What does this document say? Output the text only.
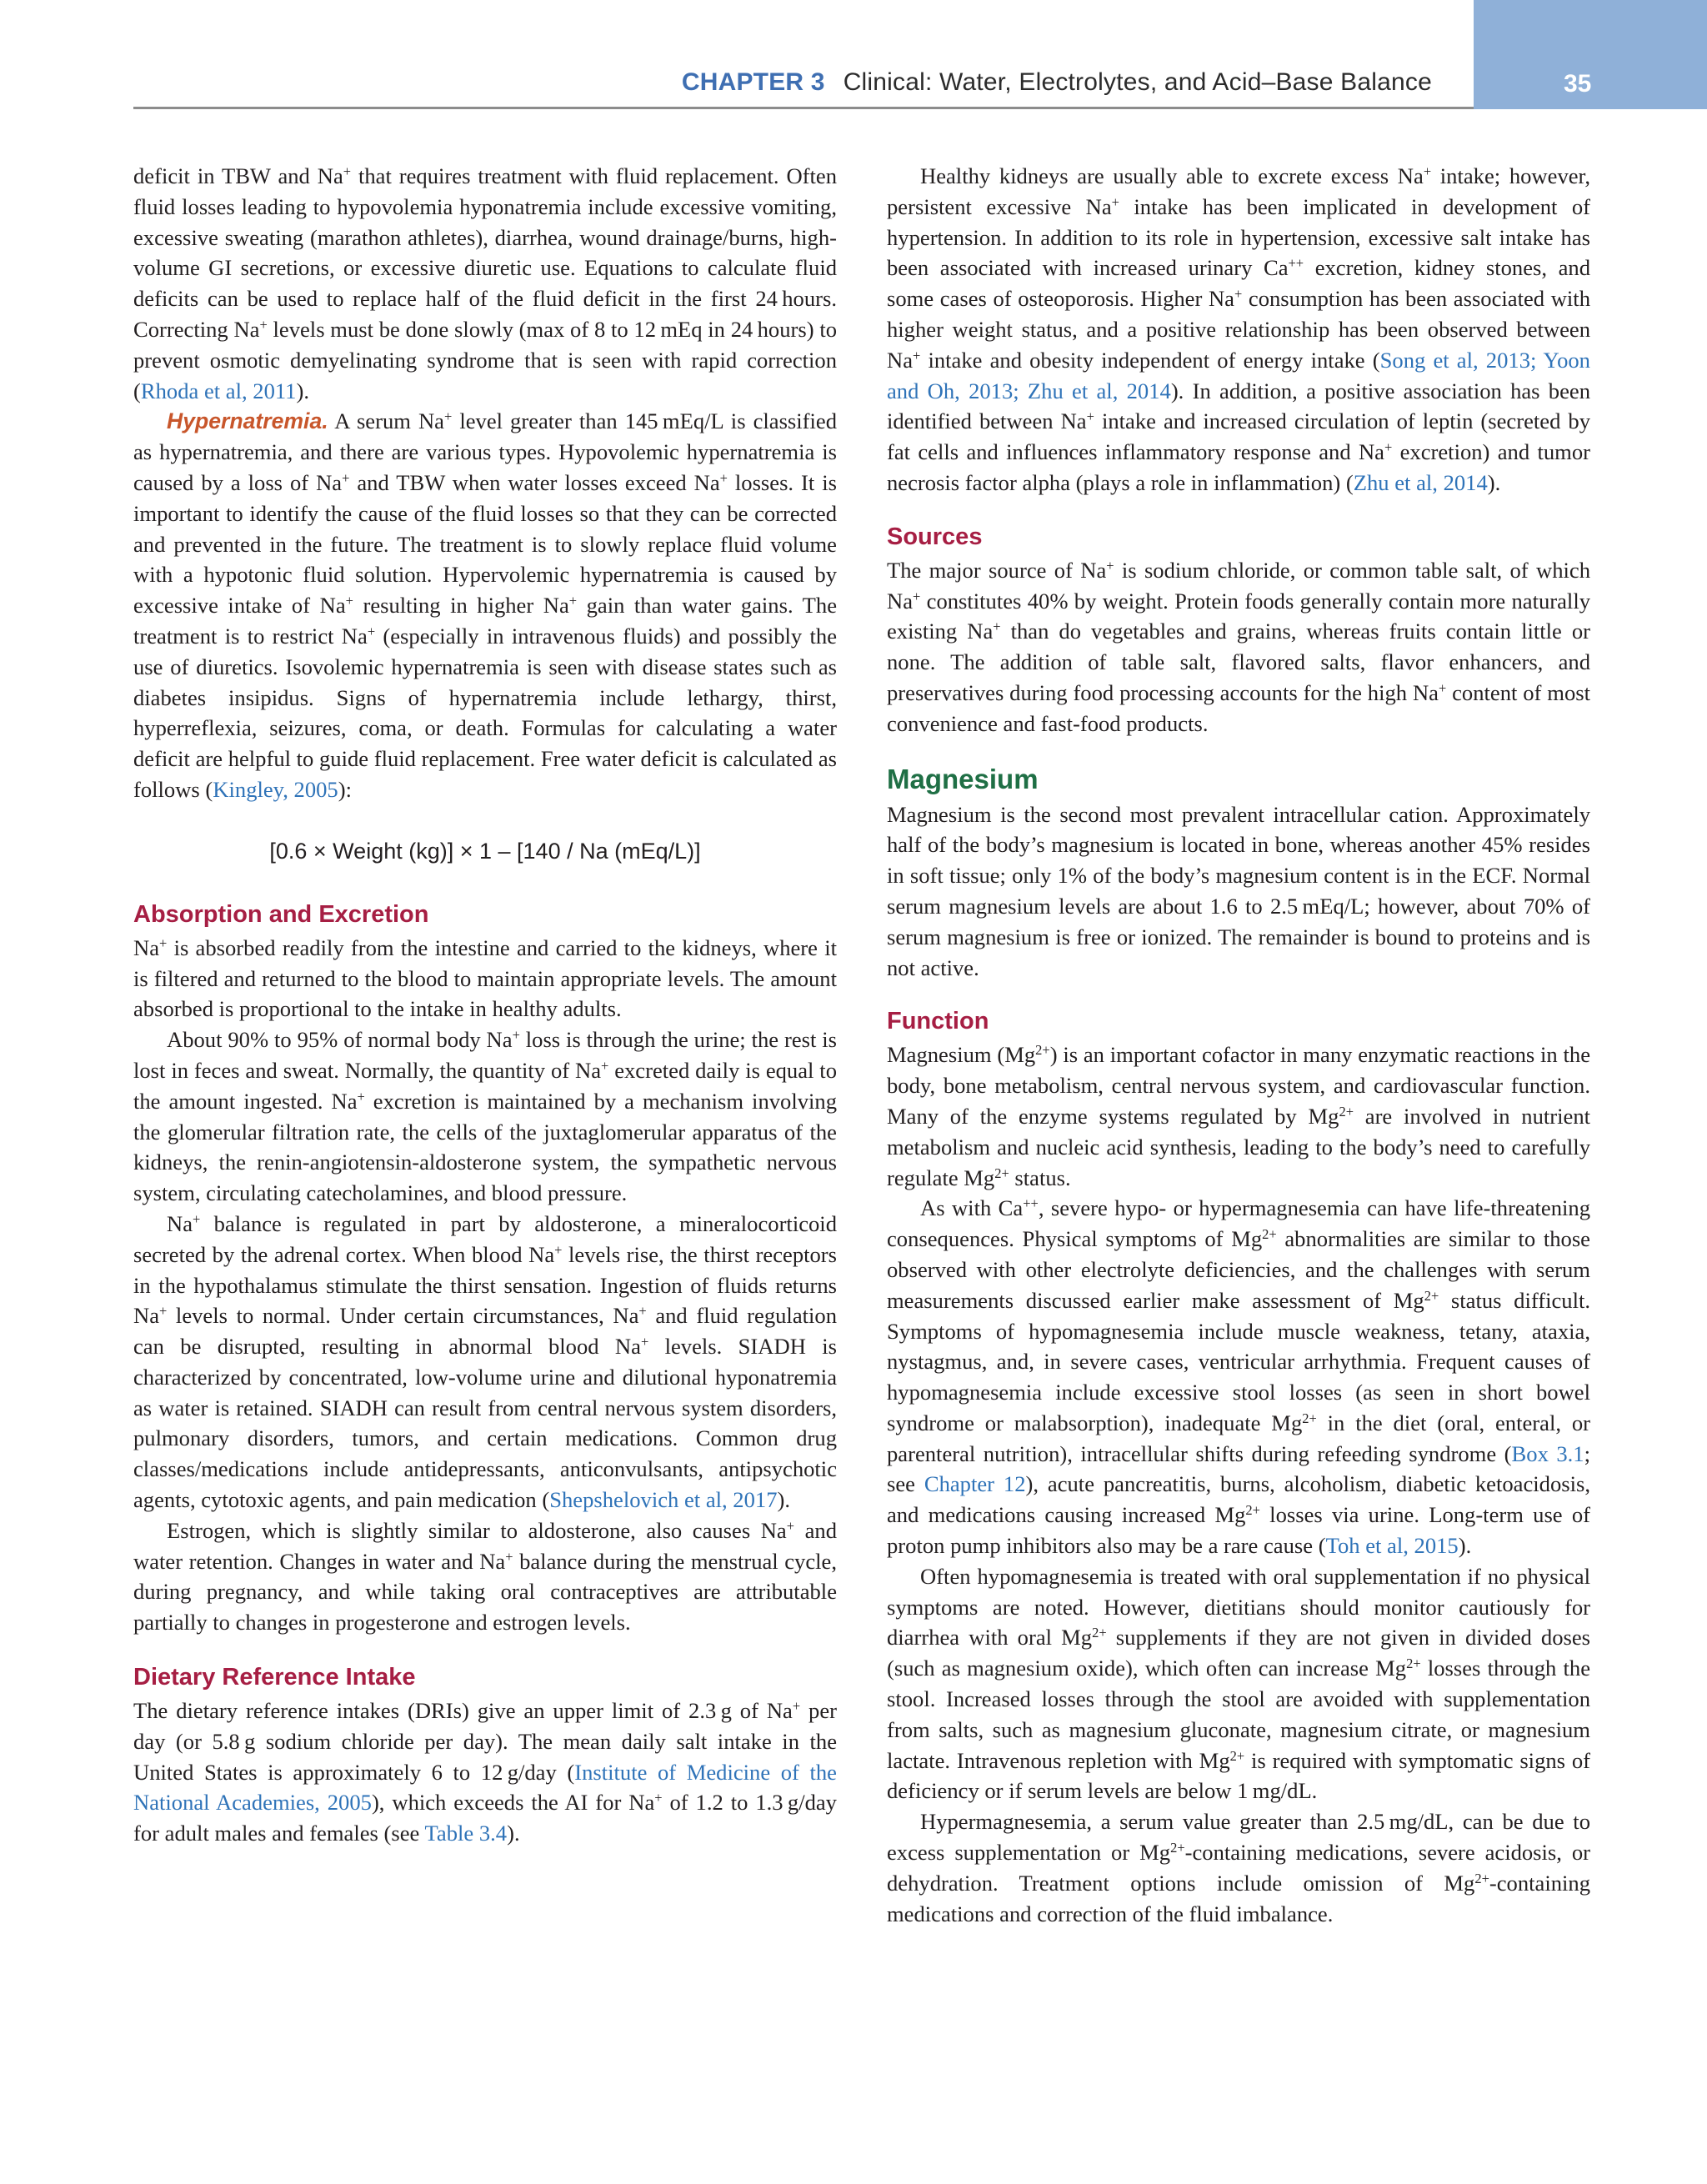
CHAPTER 3 Clinical: Water, Electrolytes, and Acid–Base Balance	35

deficit in TBW and Na+ that requires treatment with fluid replacement. Often fluid losses leading to hypovolemia hyponatremia include excessive vomiting, excessive sweating (marathon athletes), diarrhea, wound drainage/burns, high-volume GI secretions, or excessive diuretic use. Equations to calculate fluid deficits can be used to replace half of the fluid deficit in the first 24 hours. Correcting Na+ levels must be done slowly (max of 8 to 12 mEq in 24 hours) to prevent osmotic demyelinating syndrome that is seen with rapid correction (Rhoda et al, 2011).

Hypernatremia. A serum Na+ level greater than 145 mEq/L is classified as hypernatremia, and there are various types. Hypovolemic hypernatremia is caused by a loss of Na+ and TBW when water losses exceed Na+ losses. It is important to identify the cause of the fluid losses so that they can be corrected and prevented in the future. The treatment is to slowly replace fluid volume with a hypotonic fluid solution. Hypervolemic hypernatremia is caused by excessive intake of Na+ resulting in higher Na+ gain than water gains. The treatment is to restrict Na+ (especially in intravenous fluids) and possibly the use of diuretics. Isovolemic hypernatremia is seen with disease states such as diabetes insipidus. Signs of hypernatremia include lethargy, thirst, hyperreflexia, seizures, coma, or death. Formulas for calculating a water deficit are helpful to guide fluid replacement. Free water deficit is calculated as follows (Kingley, 2005):

[0.6 × Weight (kg)] × 1 – [140 / Na (mEq/L)]

Absorption and Excretion

Na+ is absorbed readily from the intestine and carried to the kidneys, where it is filtered and returned to the blood to maintain appropriate levels. The amount absorbed is proportional to the intake in healthy adults.

About 90% to 95% of normal body Na+ loss is through the urine; the rest is lost in feces and sweat. Normally, the quantity of Na+ excreted daily is equal to the amount ingested. Na+ excretion is maintained by a mechanism involving the glomerular filtration rate, the cells of the juxtaglomerular apparatus of the kidneys, the renin-angiotensin-aldosterone system, the sympathetic nervous system, circulating catecholamines, and blood pressure.

Na+ balance is regulated in part by aldosterone, a mineralocorticoid secreted by the adrenal cortex. When blood Na+ levels rise, the thirst receptors in the hypothalamus stimulate the thirst sensation. Ingestion of fluids returns Na+ levels to normal. Under certain circumstances, Na+ and fluid regulation can be disrupted, resulting in abnormal blood Na+ levels. SIADH is characterized by concentrated, low-volume urine and dilutional hyponatremia as water is retained. SIADH can result from central nervous system disorders, pulmonary disorders, tumors, and certain medications. Common drug classes/medications include antidepressants, anticonvulsants, antipsychotic agents, cytotoxic agents, and pain medication (Shepshelovich et al, 2017).

Estrogen, which is slightly similar to aldosterone, also causes Na+ and water retention. Changes in water and Na+ balance during the menstrual cycle, during pregnancy, and while taking oral contraceptives are attributable partially to changes in progesterone and estrogen levels.

Dietary Reference Intake

The dietary reference intakes (DRIs) give an upper limit of 2.3 g of Na+ per day (or 5.8 g sodium chloride per day). The mean daily salt intake in the United States is approximately 6 to 12 g/day (Institute of Medicine of the National Academies, 2005), which exceeds the AI for Na+ of 1.2 to 1.3 g/day for adult males and females (see Table 3.4).

Healthy kidneys are usually able to excrete excess Na+ intake; however, persistent excessive Na+ intake has been implicated in development of hypertension. In addition to its role in hypertension, excessive salt intake has been associated with increased urinary Ca++ excretion, kidney stones, and some cases of osteoporosis. Higher Na+ consumption has been associated with higher weight status, and a positive relationship has been observed between Na+ intake and obesity independent of energy intake (Song et al, 2013; Yoon and Oh, 2013; Zhu et al, 2014). In addition, a positive association has been identified between Na+ intake and increased circulation of leptin (secreted by fat cells and influences inflammatory response and Na+ excretion) and tumor necrosis factor alpha (plays a role in inflammation) (Zhu et al, 2014).

Sources

The major source of Na+ is sodium chloride, or common table salt, of which Na+ constitutes 40% by weight. Protein foods generally contain more naturally existing Na+ than do vegetables and grains, whereas fruits contain little or none. The addition of table salt, flavored salts, flavor enhancers, and preservatives during food processing accounts for the high Na+ content of most convenience and fast-food products.

Magnesium

Magnesium is the second most prevalent intracellular cation. Approximately half of the body’s magnesium is located in bone, whereas another 45% resides in soft tissue; only 1% of the body’s magnesium content is in the ECF. Normal serum magnesium levels are about 1.6 to 2.5 mEq/L; however, about 70% of serum magnesium is free or ionized. The remainder is bound to proteins and is not active.

Function

Magnesium $(Mg^{2+})$ is an important cofactor in many enzymatic reactions in the body, bone metabolism, central nervous system, and cardiovascular function. Many of the enzyme systems regulated by $Mg^{2+}$ are involved in nutrient metabolism and nucleic acid synthesis, leading to the body’s need to carefully regulate $Mg^{2+}$ status.

As with Ca++, severe hypo- or hypermagnesemia can have life-threatening consequences. Physical symptoms of $Mg^{2+}$ abnormalities are similar to those observed with other electrolyte deficiencies, and the challenges with serum measurements discussed earlier make assessment of $Mg^{2+}$ status difficult. Symptoms of hypomagnesemia include muscle weakness, tetany, ataxia, nystagmus, and, in severe cases, ventricular arrhythmia. Frequent causes of hypomagnesemia include excessive stool losses (as seen in short bowel syndrome or malabsorption), inadequate $Mg^{2+}$ in the diet (oral, enteral, or parenteral nutrition), intracellular shifts during refeeding syndrome (Box 3.1; see Chapter 12), acute pancreatitis, burns, alcoholism, diabetic ketoacidosis, and medications causing increased $Mg^{2+}$ losses via urine. Long-term use of proton pump inhibitors also may be a rare cause (Toh et al, 2015).

Often hypomagnesemia is treated with oral supplementation if no physical symptoms are noted. However, dietitians should monitor cautiously for diarrhea with oral $Mg^{2+}$ supplements if they are not given in divided doses (such as magnesium oxide), which often can increase $Mg^{2+}$ losses through the stool. Increased losses through the stool are avoided with supplementation from salts, such as magnesium gluconate, magnesium citrate, or magnesium lactate. Intravenous repletion with $Mg^{2+}$ is required with symptomatic signs of deficiency or if serum levels are below 1 mg/dL.

Hypermagnesemia, a serum value greater than 2.5 mg/dL, can be due to excess supplementation or $Mg^{2+}$-containing medications, severe acidosis, or dehydration. Treatment options include omission of $Mg^{2+}$-containing medications and correction of the fluid imbalance.
